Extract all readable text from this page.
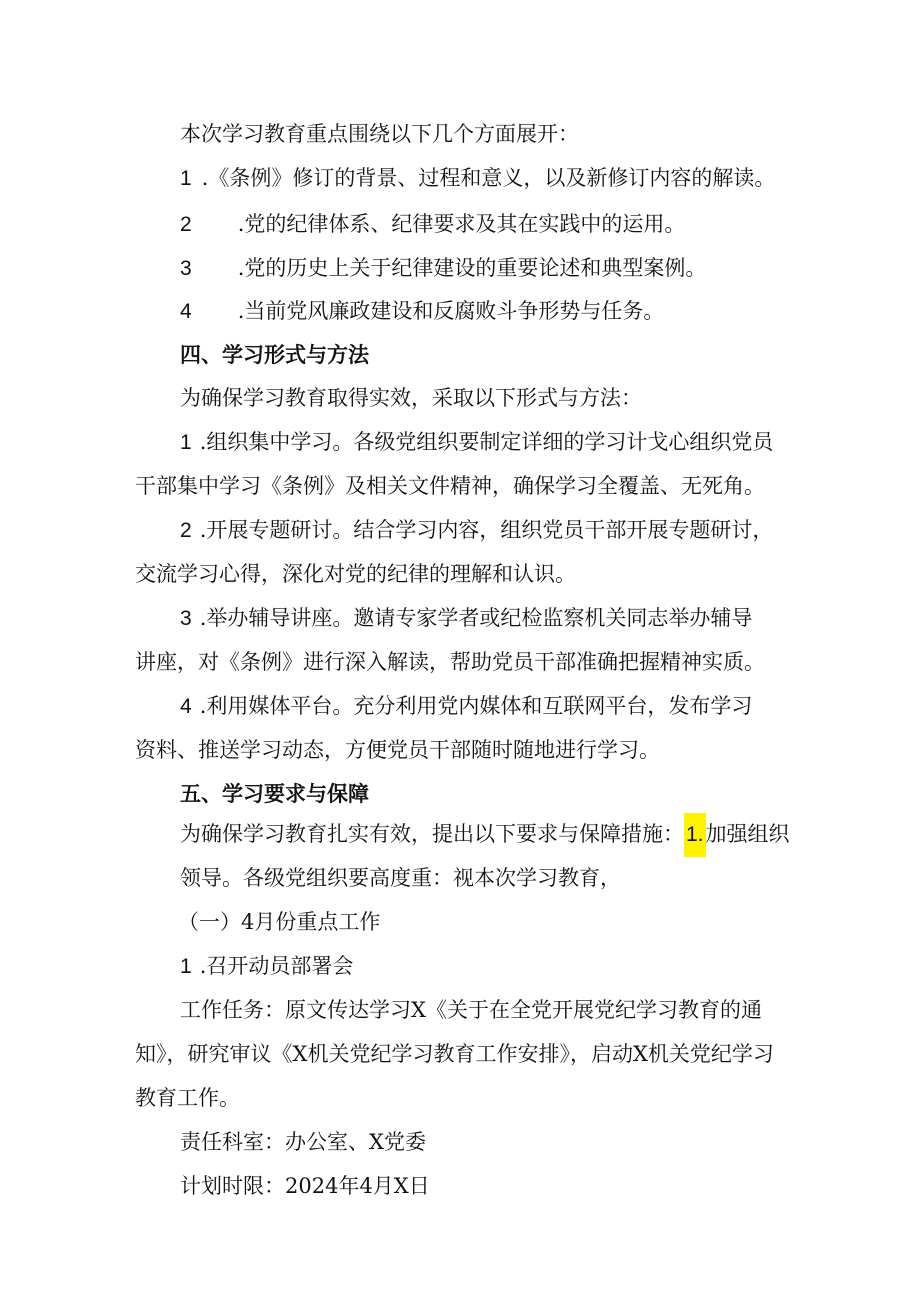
本次学习教育重点围绕以下几个方面展开：
1 .《条例》修订的背景、过程和意义，以及新修订内容的解读。
2 .党的纪律体系、纪律要求及其在实践中的运用。
3 .党的历史上关于纪律建设的重要论述和典型案例。
4 .当前党风廉政建设和反腐败斗争形势与任务。
四、学习形式与方法
为确保学习教育取得实效，采取以下形式与方法：
1 .组织集中学习。各级党组织要制定详细的学习计戈心组织党员
干部集中学习《条例》及相关文件精神，确保学习全覆盖、无死角。
2 .开展专题研讨。结合学习内容，组织党员干部开展专题研讨，
交流学习心得，深化对党的纪律的理解和认识。
3 .举办辅导讲座。邀请专家学者或纪检监察机关同志举办辅导
讲座，对《条例》进行深入解读，帮助党员干部准确把握精神实质。
4 .利用媒体平台。充分利用党内媒体和互联网平台，发布学习
资料、推送学习动态，方便党员干部随时随地进行学习。
五、学习要求与保障
为确保学习教育扎实有效，提出以下要求与保障措施：1.加强组织
领导。各级党组织要高度重：视本次学习教育，
（一）4月份重点工作
1 .召开动员部署会
工作任务：原文传达学习X《关于在全党开展党纪学习教育的通
知》，研究审议《X机关党纪学习教育工作安排》，启动X机关党纪学习
教育工作。
责任科室：办公室、X党委
计划时限：2024年4月X日
